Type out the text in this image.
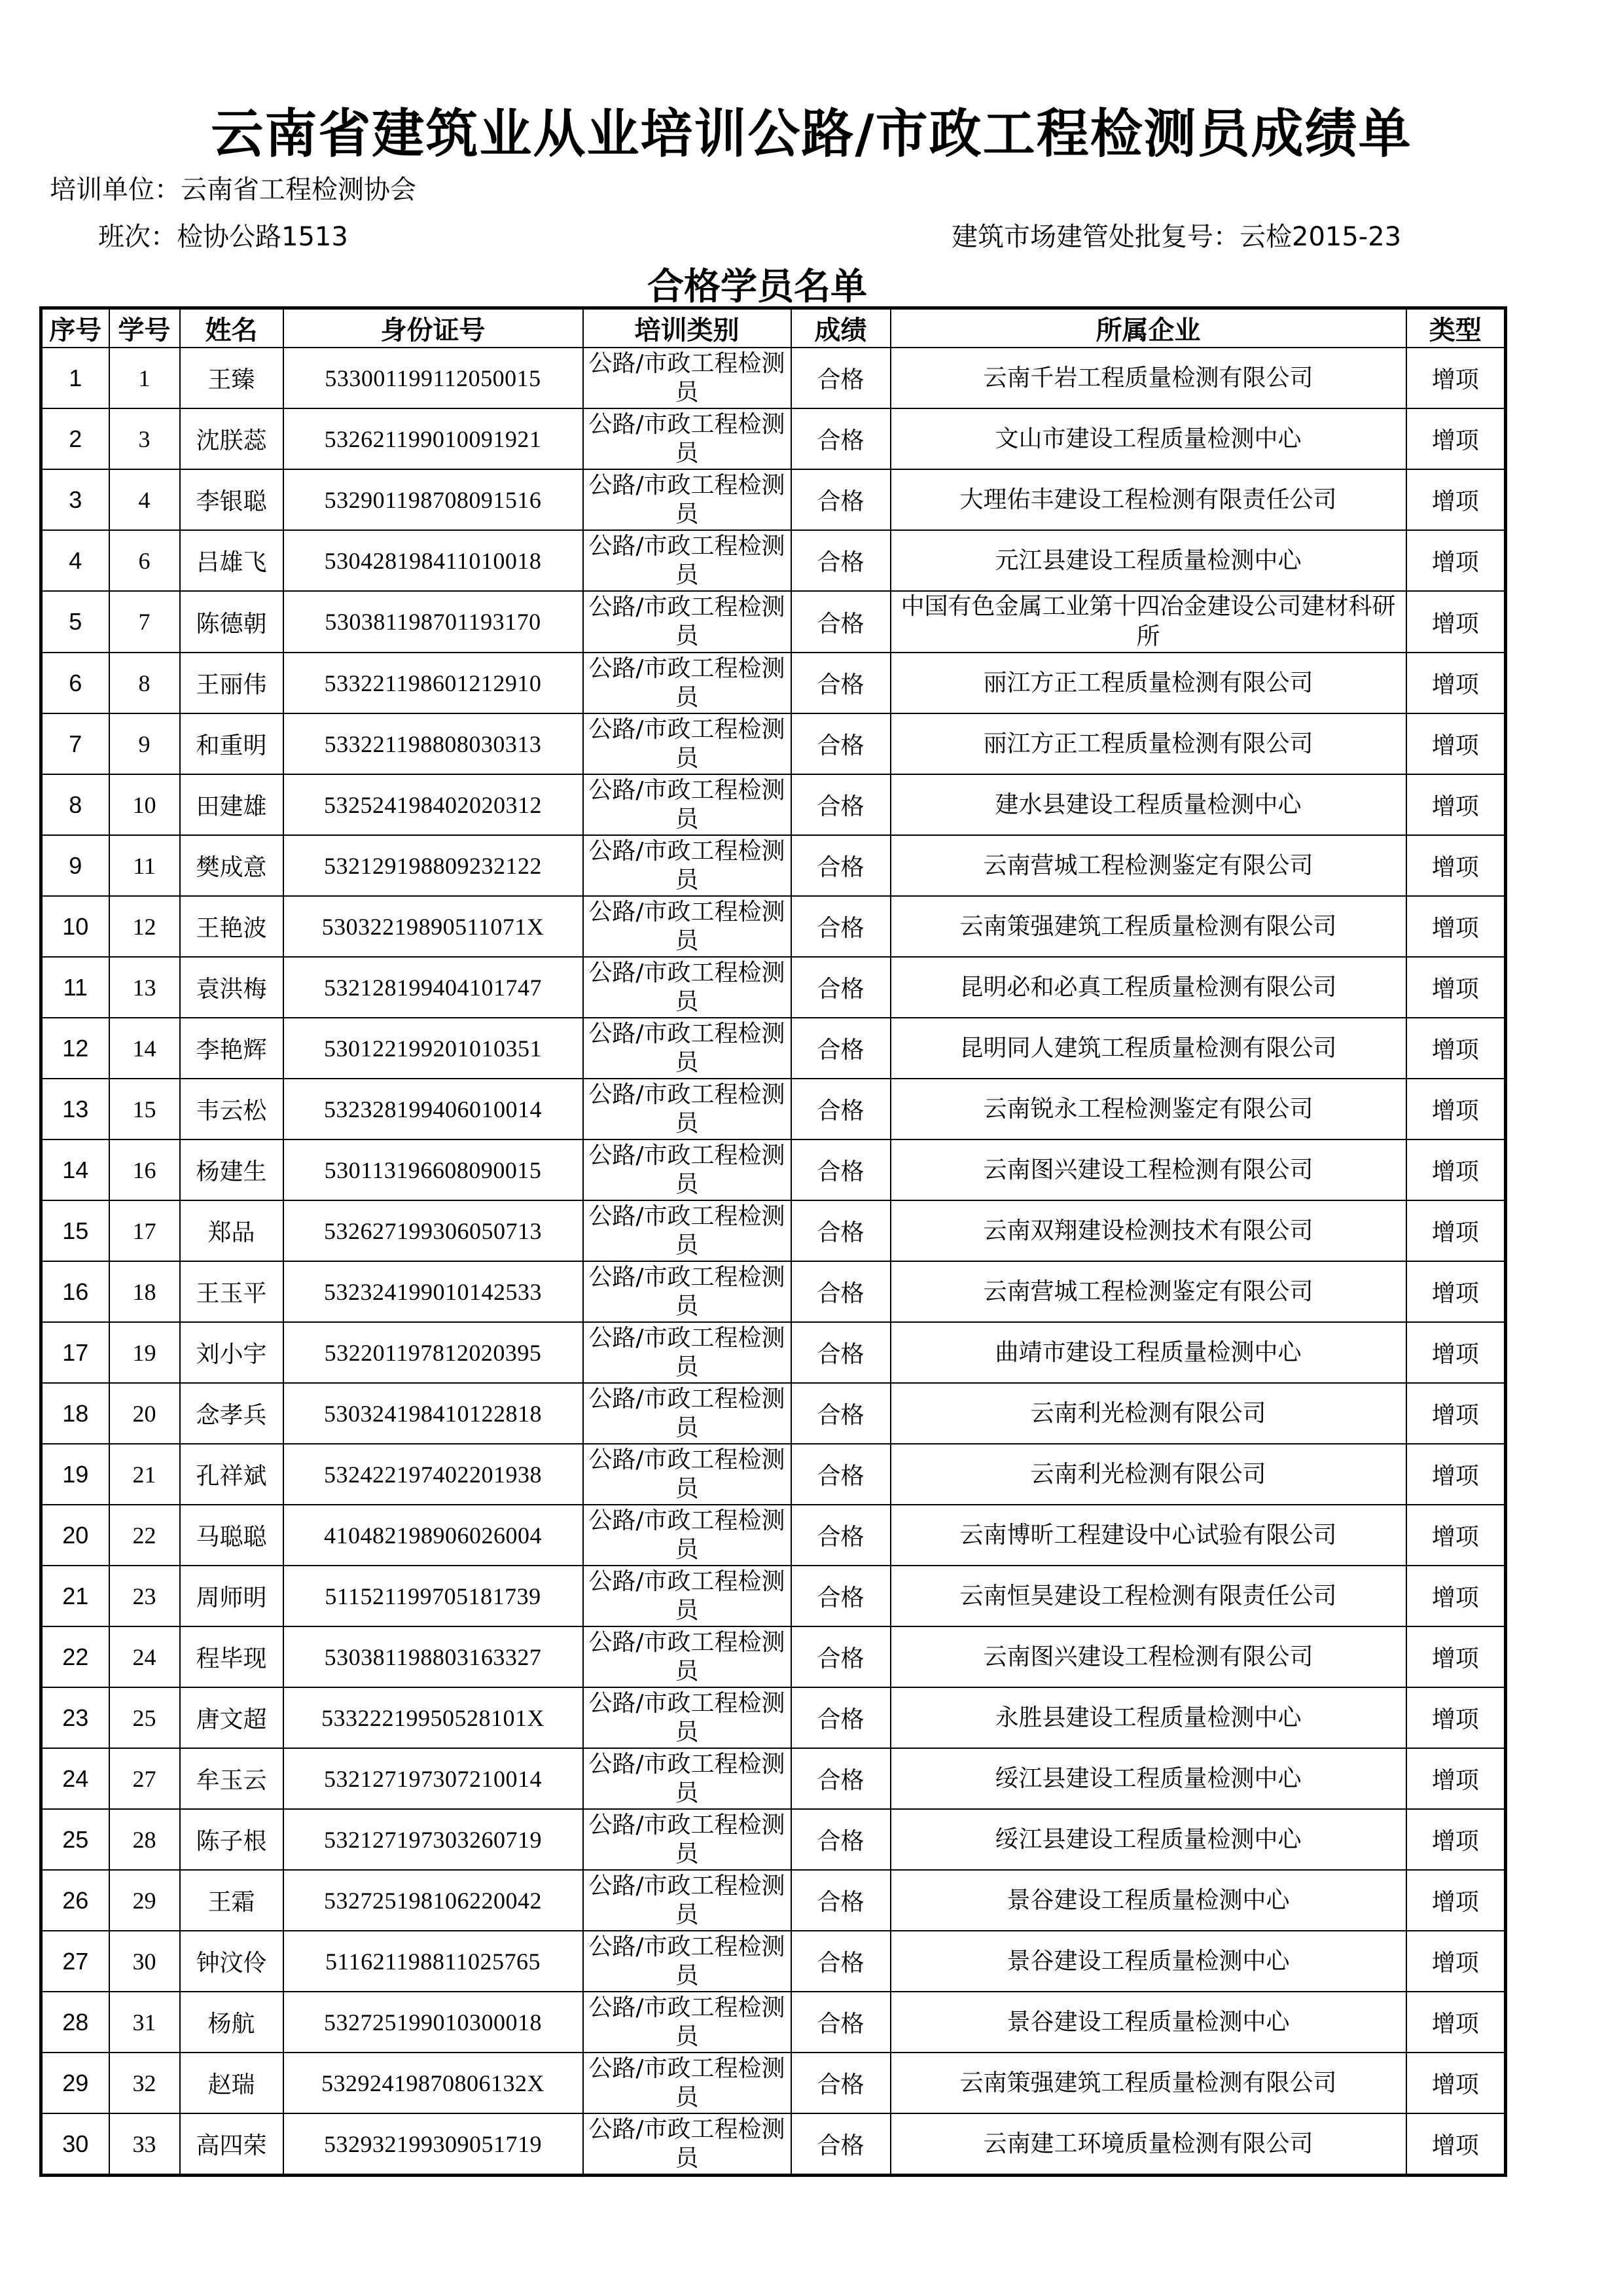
云南省建筑业从业培训公路/市政工程检测员成绩单
培训单位：云南省工程检测协会
班次：检协公路1513	建筑市场建管处批复号：云检2015-23
合格学员名单
序号	学号	姓名	身份证号	培训类别	成绩	所属企业	类型
1	1	王臻	533001199112050015	公路/市政工程检测员	合格	云南千岩工程质量检测有限公司	增项
2	3	沈朕蕊	532621199010091921	公路/市政工程检测员	合格	文山市建设工程质量检测中心	增项
3	4	李银聪	532901198708091516	公路/市政工程检测员	合格	大理佑丰建设工程检测有限责任公司	增项
4	6	吕雄飞	530428198411010018	公路/市政工程检测员	合格	元江县建设工程质量检测中心	增项
5	7	陈德朝	530381198701193170	公路/市政工程检测员	合格	中国有色金属工业第十四冶金建设公司建材科研所	增项
6	8	王丽伟	533221198601212910	公路/市政工程检测员	合格	丽江方正工程质量检测有限公司	增项
7	9	和重明	533221198808030313	公路/市政工程检测员	合格	丽江方正工程质量检测有限公司	增项
8	10	田建雄	532524198402020312	公路/市政工程检测员	合格	建水县建设工程质量检测中心	增项
9	11	樊成意	532129198809232122	公路/市政工程检测员	合格	云南营城工程检测鉴定有限公司	增项
10	12	王艳波	53032219890511071X	公路/市政工程检测员	合格	云南策强建筑工程质量检测有限公司	增项
11	13	袁洪梅	532128199404101747	公路/市政工程检测员	合格	昆明必和必真工程质量检测有限公司	增项
12	14	李艳辉	530122199201010351	公路/市政工程检测员	合格	昆明同人建筑工程质量检测有限公司	增项
13	15	韦云松	532328199406010014	公路/市政工程检测员	合格	云南锐永工程检测鉴定有限公司	增项
14	16	杨建生	530113196608090015	公路/市政工程检测员	合格	云南图兴建设工程检测有限公司	增项
15	17	郑品	532627199306050713	公路/市政工程检测员	合格	云南双翔建设检测技术有限公司	增项
16	18	王玉平	532324199010142533	公路/市政工程检测员	合格	云南营城工程检测鉴定有限公司	增项
17	19	刘小宇	532201197812020395	公路/市政工程检测员	合格	曲靖市建设工程质量检测中心	增项
18	20	念孝兵	530324198410122818	公路/市政工程检测员	合格	云南利光检测有限公司	增项
19	21	孔祥斌	532422197402201938	公路/市政工程检测员	合格	云南利光检测有限公司	增项
20	22	马聪聪	410482198906026004	公路/市政工程检测员	合格	云南博昕工程建设中心试验有限公司	增项
21	23	周师明	511521199705181739	公路/市政工程检测员	合格	云南恒昊建设工程检测有限责任公司	增项
22	24	程毕现	530381198803163327	公路/市政工程检测员	合格	云南图兴建设工程检测有限公司	增项
23	25	唐文超	53322219950528101X	公路/市政工程检测员	合格	永胜县建设工程质量检测中心	增项
24	27	牟玉云	532127197307210014	公路/市政工程检测员	合格	绥江县建设工程质量检测中心	增项
25	28	陈子根	532127197303260719	公路/市政工程检测员	合格	绥江县建设工程质量检测中心	增项
26	29	王霜	532725198106220042	公路/市政工程检测员	合格	景谷建设工程质量检测中心	增项
27	30	钟汶伶	511621198811025765	公路/市政工程检测员	合格	景谷建设工程质量检测中心	增项
28	31	杨航	532725199010300018	公路/市政工程检测员	合格	景谷建设工程质量检测中心	增项
29	32	赵瑞	53292419870806132X	公路/市政工程检测员	合格	云南策强建筑工程质量检测有限公司	增项
30	33	高四荣	532932199309051719	公路/市政工程检测员	合格	云南建工环境质量检测有限公司	增项
